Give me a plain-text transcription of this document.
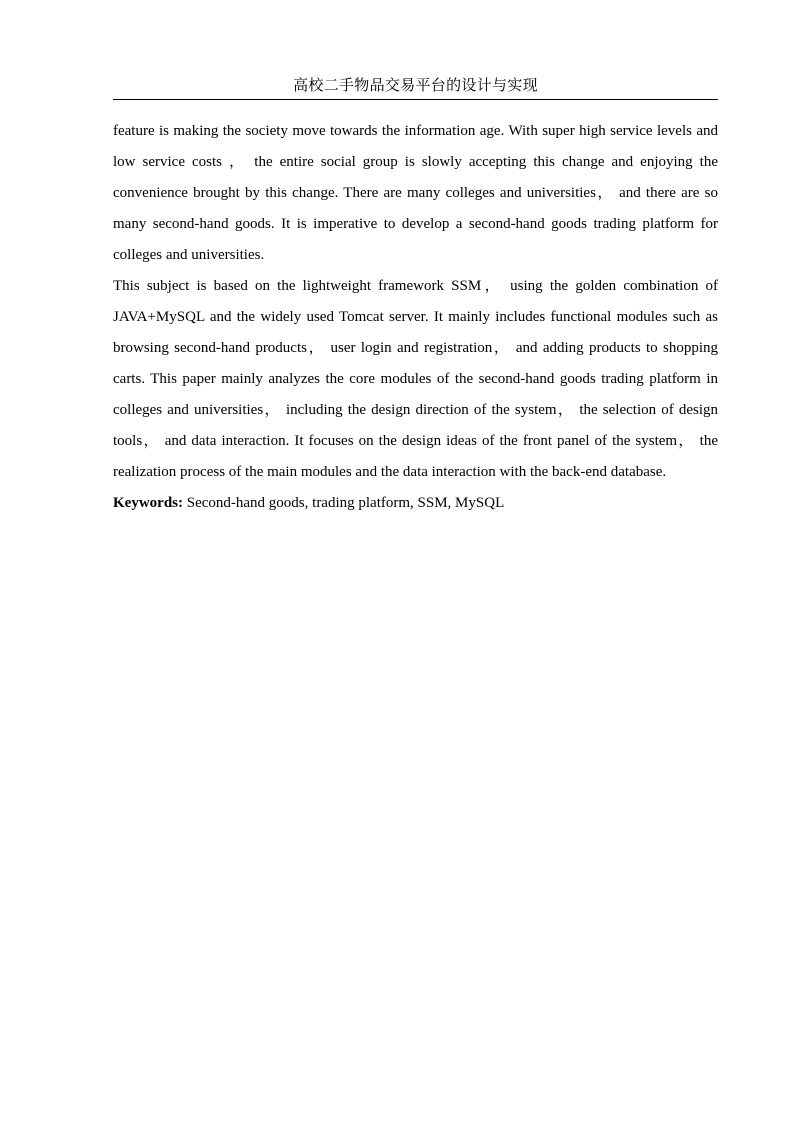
高校二手物品交易平台的设计与实现

feature is making the society move towards the information age. With super high service levels and low service costs ， the entire social group is slowly accepting this change and enjoying the convenience brought by this change. There are many colleges and universities， and there are so many second-hand goods. It is imperative to develop a second-hand goods trading platform for colleges and universities.

This subject is based on the lightweight framework SSM， using the golden combination of JAVA+MySQL and the widely used Tomcat server. It mainly includes functional modules such as browsing second-hand products， user login and registration， and adding products to shopping carts. This paper mainly analyzes the core modules of the second-hand goods trading platform in colleges and universities， including the design direction of the system， the selection of design tools， and data interaction. It focuses on the design ideas of the front panel of the system， the realization process of the main modules and the data interaction with the back-end database.

Keywords: Second-hand goods, trading platform, SSM, MySQL
